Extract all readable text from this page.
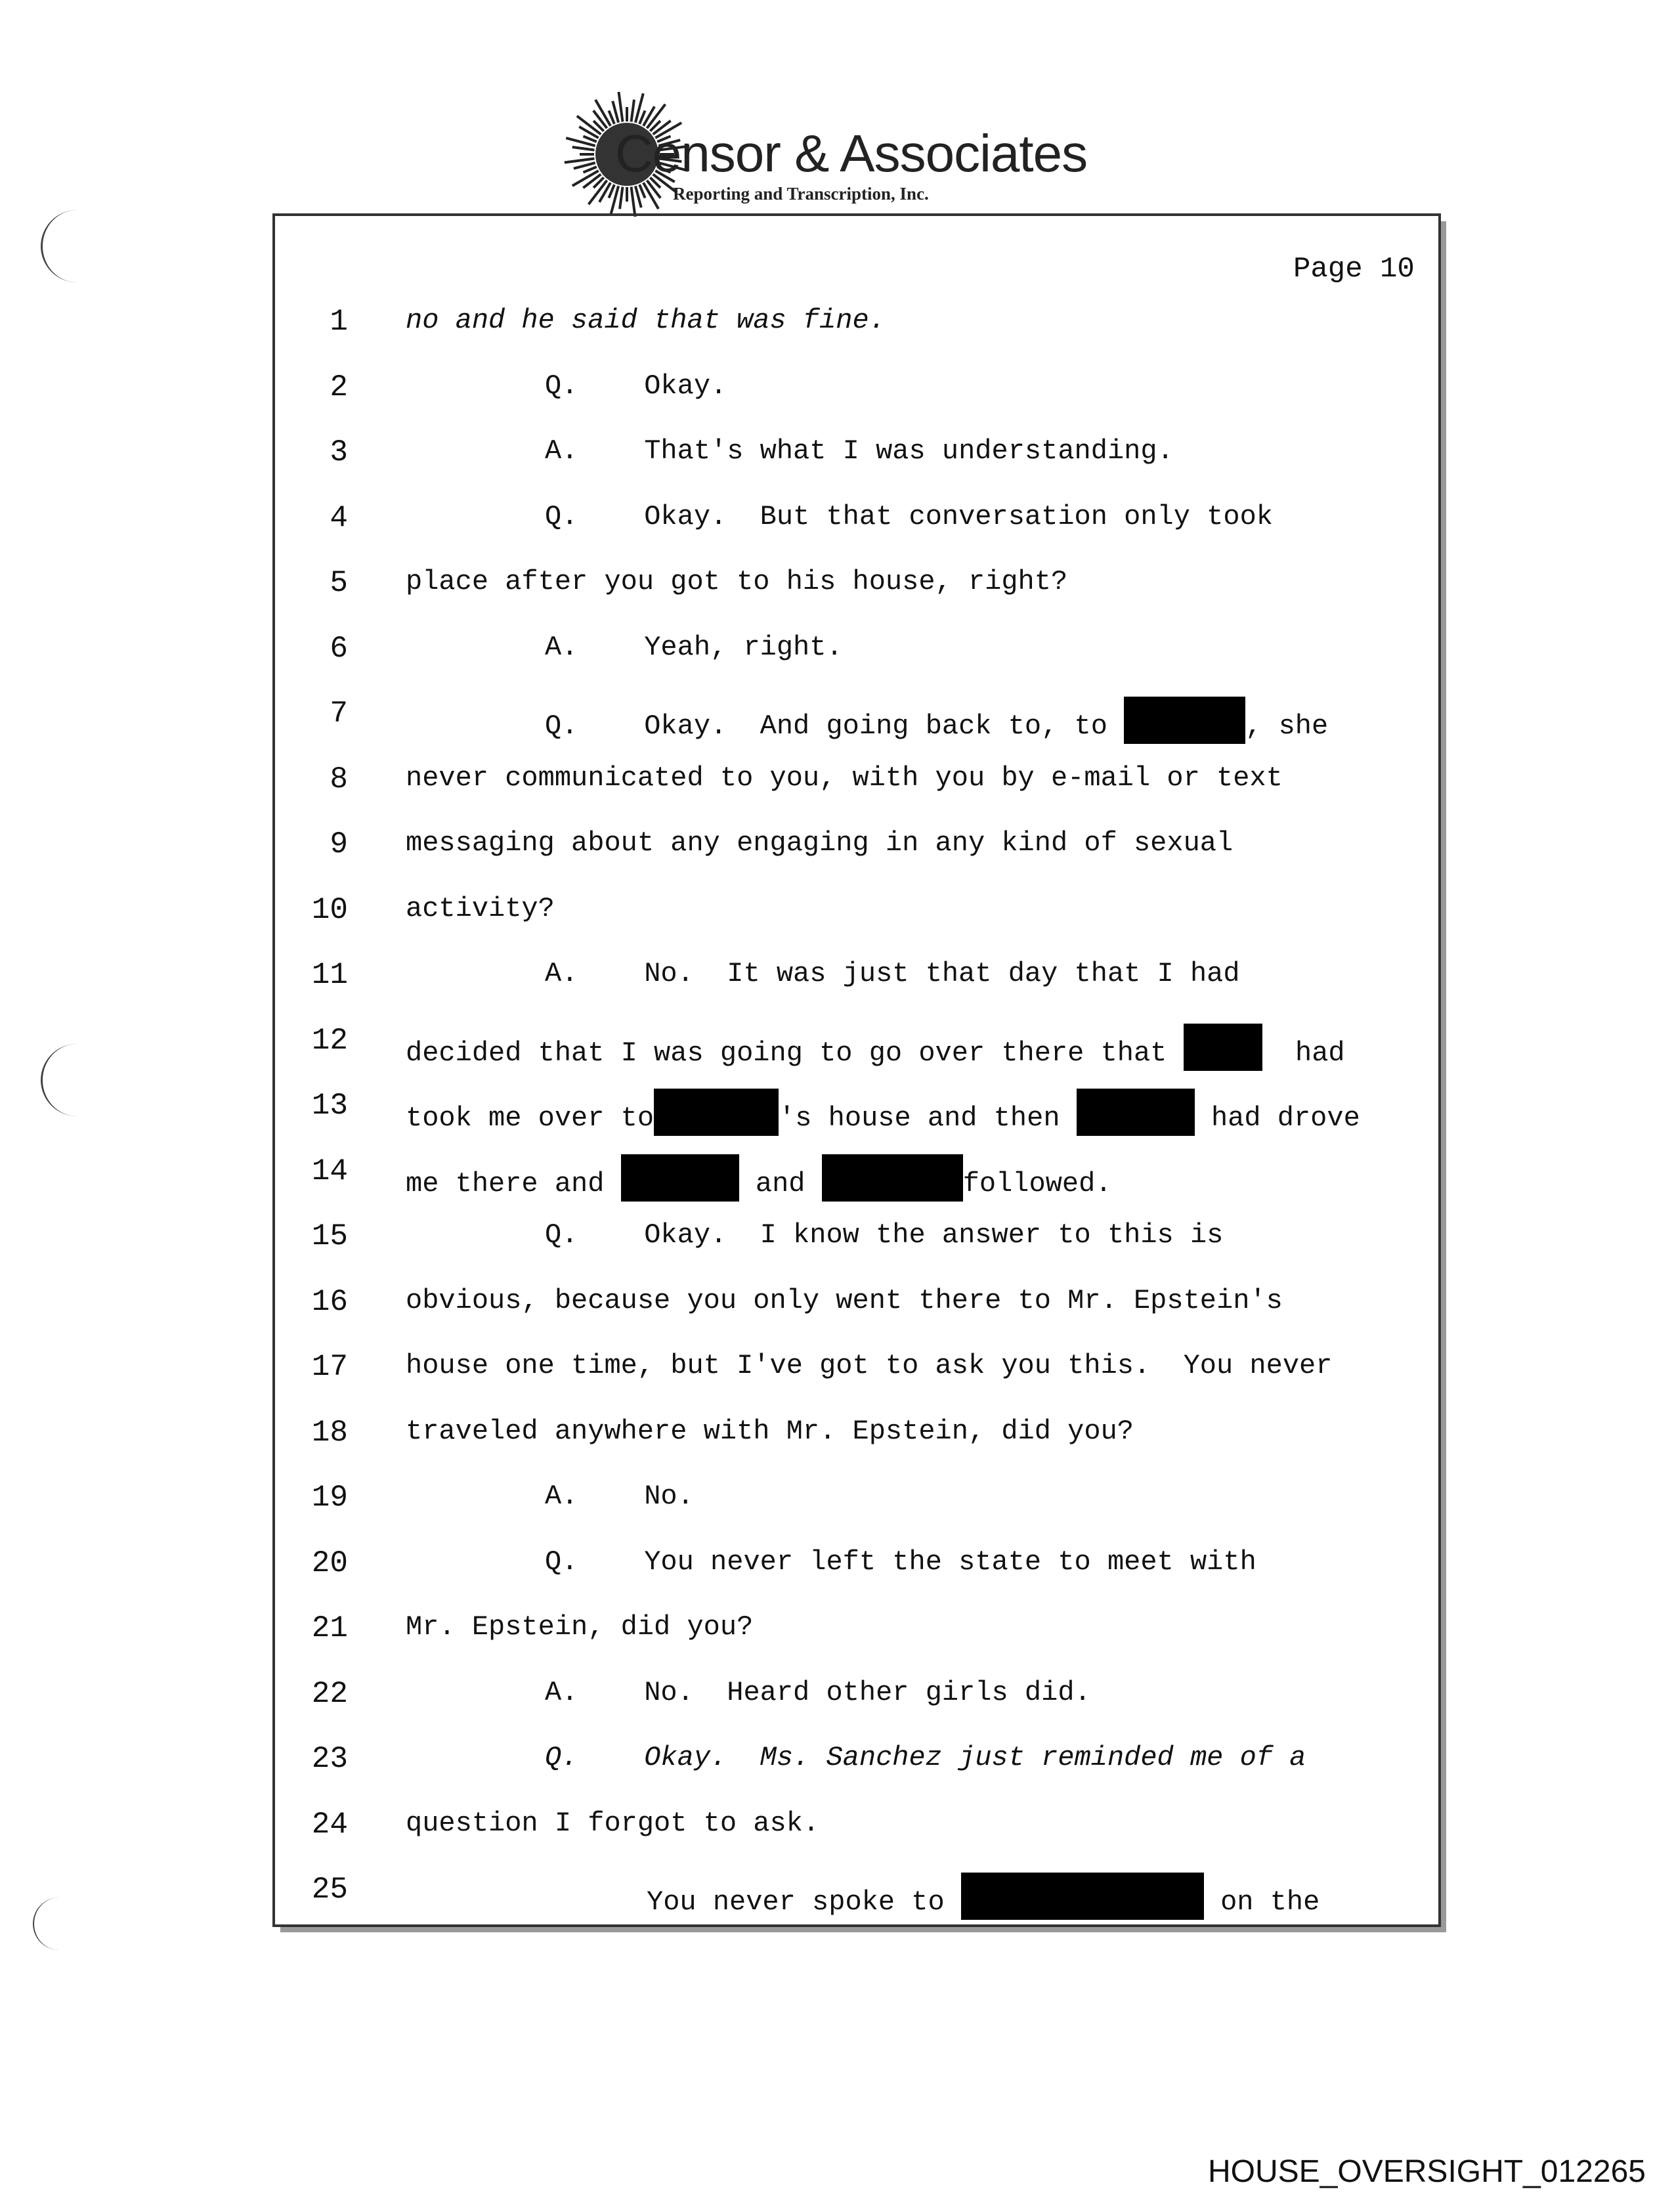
Censor & Associates
Reporting and Transcription, Inc.
Page 10
1 no and he said that was fine.
2	Q.    Okay.
3	A.    That's what I was understanding.
4	Q.    Okay.  But that conversation only took
5 place after you got to his house, right?
6	A.    Yeah, right.
7	Q.    Okay.  And going back to, to	, she
8 never communicated to you, with you by e-mail or text
9 messaging about any engaging in any kind of sexual
10 activity?
11	A.    No.  It was just that day that I had
12 decided that I was going to go over there that	had
13 took me over to	's house and then	had drove
14 me there and	and	followed.
15	Q.    Okay.  I know the answer to this is
16 obvious, because you only went there to Mr. Epstein's
17 house one time, but I've got to ask you this.  You never
18 traveled anywhere with Mr. Epstein, did you?
19	A.    No.
20	Q.    You never left the state to meet with
21 Mr. Epstein, did you?
22	A.    No.  Heard other girls did.
23	Q.    Okay.  Ms. Sanchez just reminded me of a
24 question I forgot to ask.
25	You never spoke to	on the
HOUSE_OVERSIGHT_012265
